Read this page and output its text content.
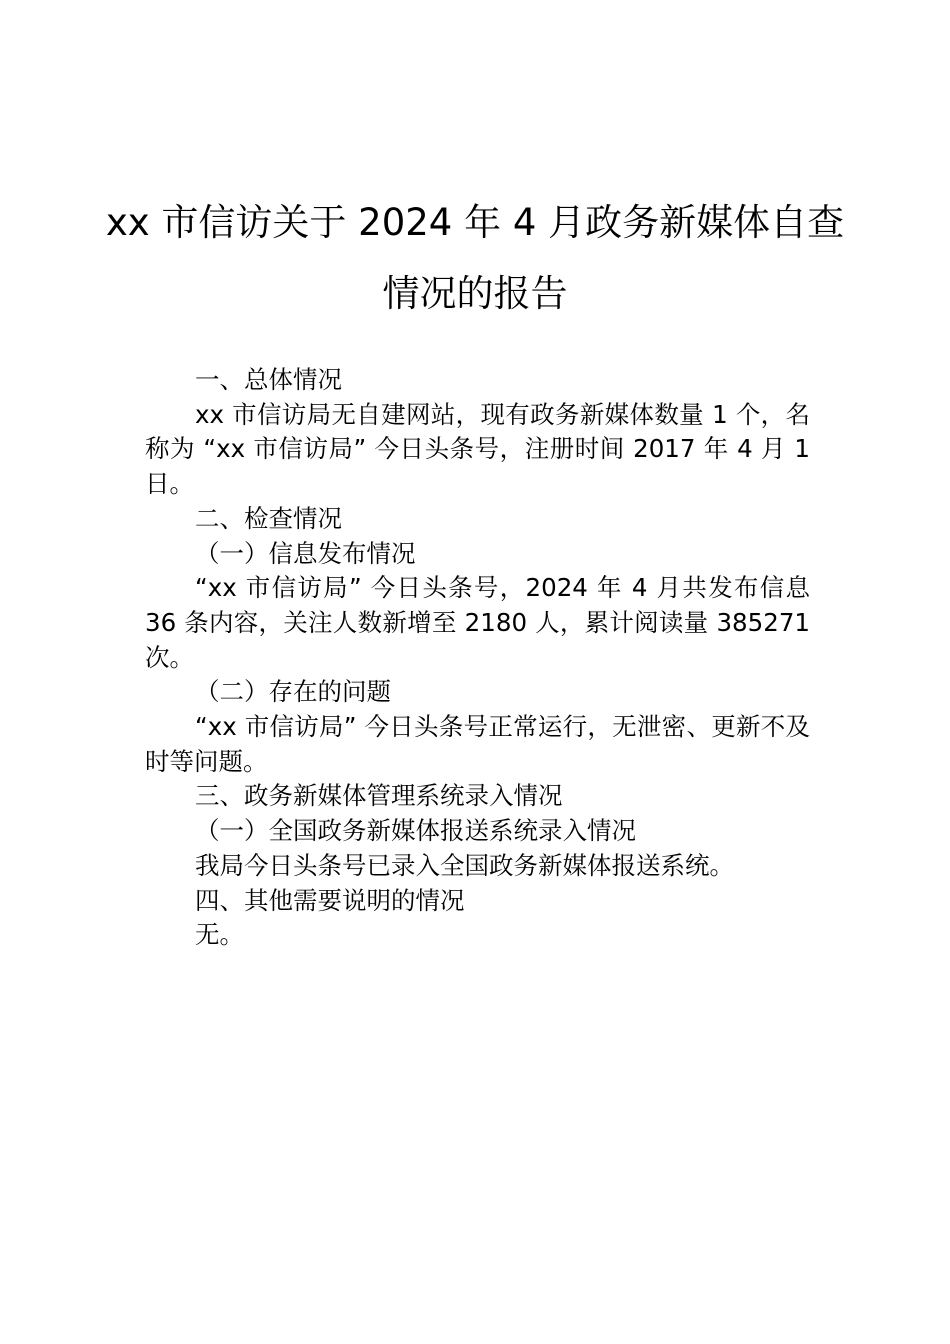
xx 市信访关于 2024 年 4 月政务新媒体自查
情况的报告

一、总体情况

xx 市信访局无自建网站，现有政务新媒体数量 1 个，名称为 “xx 市信访局” 今日头条号，注册时间 2017 年 4 月 1 日。

二、检查情况

（一）信息发布情况

“xx 市信访局” 今日头条号，2024 年 4 月共发布信息 36 条内容，关注人数新增至 2180 人，累计阅读量 385271 次。

（二）存在的问题

“xx 市信访局” 今日头条号正常运行，无泄密、更新不及时等问题。

三、政务新媒体管理系统录入情况

（一）全国政务新媒体报送系统录入情况

我局今日头条号已录入全国政务新媒体报送系统。

四、其他需要说明的情况

无。
